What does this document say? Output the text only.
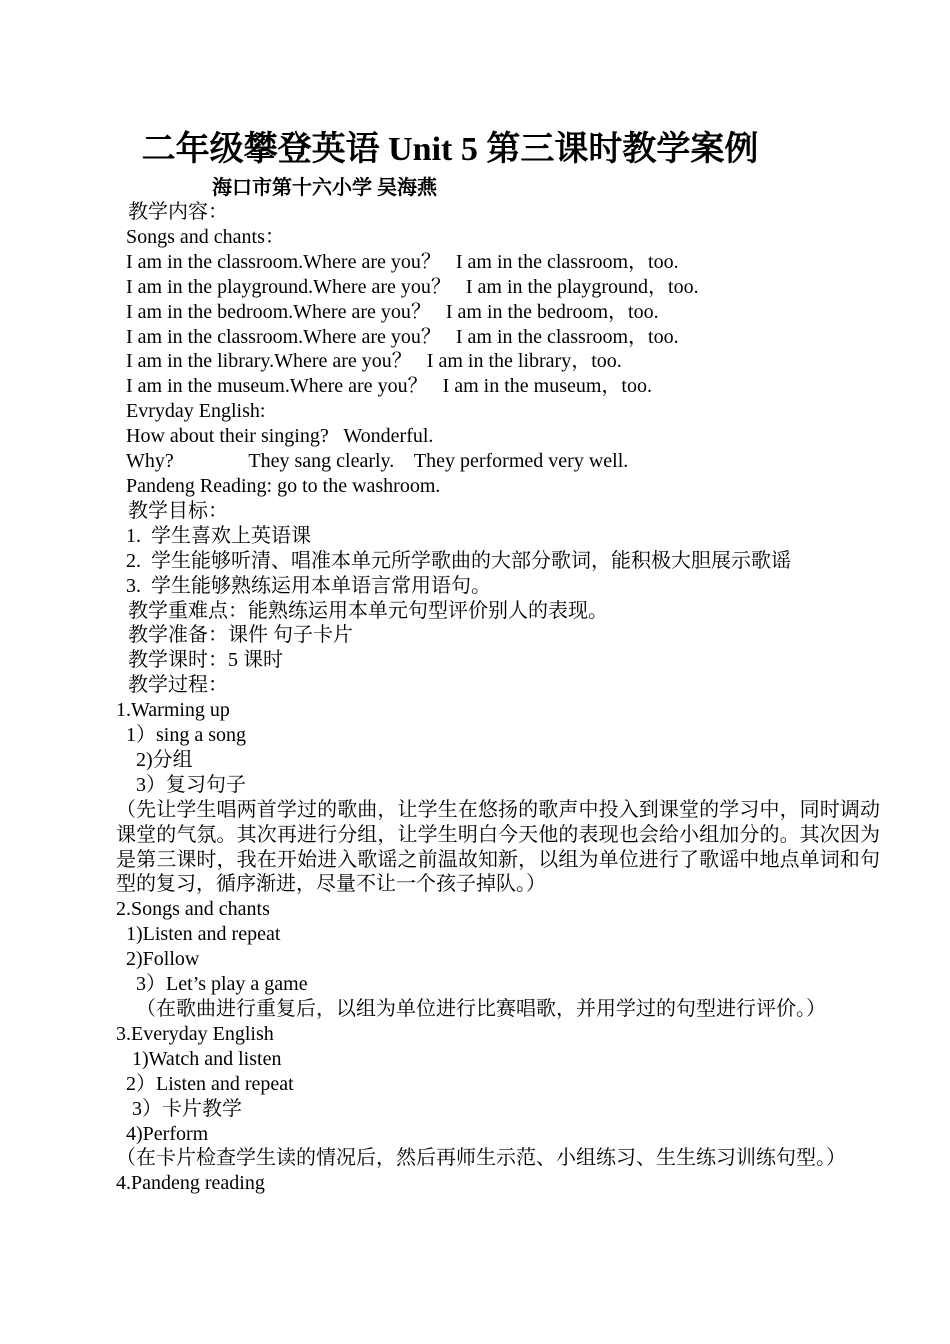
二年级攀登英语 Unit 5 第三课时教学案例
海口市第十六小学 吴海燕
教学内容：
Songs and chants：
I am in the classroom.Where are you？   I am in the classroom，too.
I am in the playground.Where are you？   I am in the playground，too.
I am in the bedroom.Where are you？   I am in the bedroom，too.
I am in the classroom.Where are you？   I am in the classroom，too.
I am in the library.Where are you？   I am in the library，too.
I am in the museum.Where are you？   I am in the museum，too.
Evryday English:
How about their singing?   Wonderful.
Why?               They sang clearly.    They performed very well.
Pandeng Reading: go to the washroom.
教学目标：
1.  学生喜欢上英语课
2.  学生能够听清、唱准本单元所学歌曲的大部分歌词，能积极大胆展示歌谣
3.  学生能够熟练运用本单语言常用语句。
教学重难点：能熟练运用本单元句型评价别人的表现。
教学准备：课件 句子卡片
教学课时：5 课时
教学过程：
1.Warming up
1）sing a song
2)分组
3）复习句子
（先让学生唱两首学过的歌曲，让学生在悠扬的歌声中投入到课堂的学习中，同时调动课堂的气氛。其次再进行分组，让学生明白今天他的表现也会给小组加分的。其次因为是第三课时，我在开始进入歌谣之前温故知新，以组为单位进行了歌谣中地点单词和句型的复习，循序渐进，尽量不让一个孩子掉队。）
2.Songs and chants
1)Listen and repeat
2)Follow
3）Let’s play a game
（在歌曲进行重复后，以组为单位进行比赛唱歌，并用学过的句型进行评价。）
3.Everyday English
1)Watch and listen
2）Listen and repeat
3）卡片教学
4)Perform
（在卡片检查学生读的情况后，然后再师生示范、小组练习、生生练习训练句型。）
4.Pandeng reading
